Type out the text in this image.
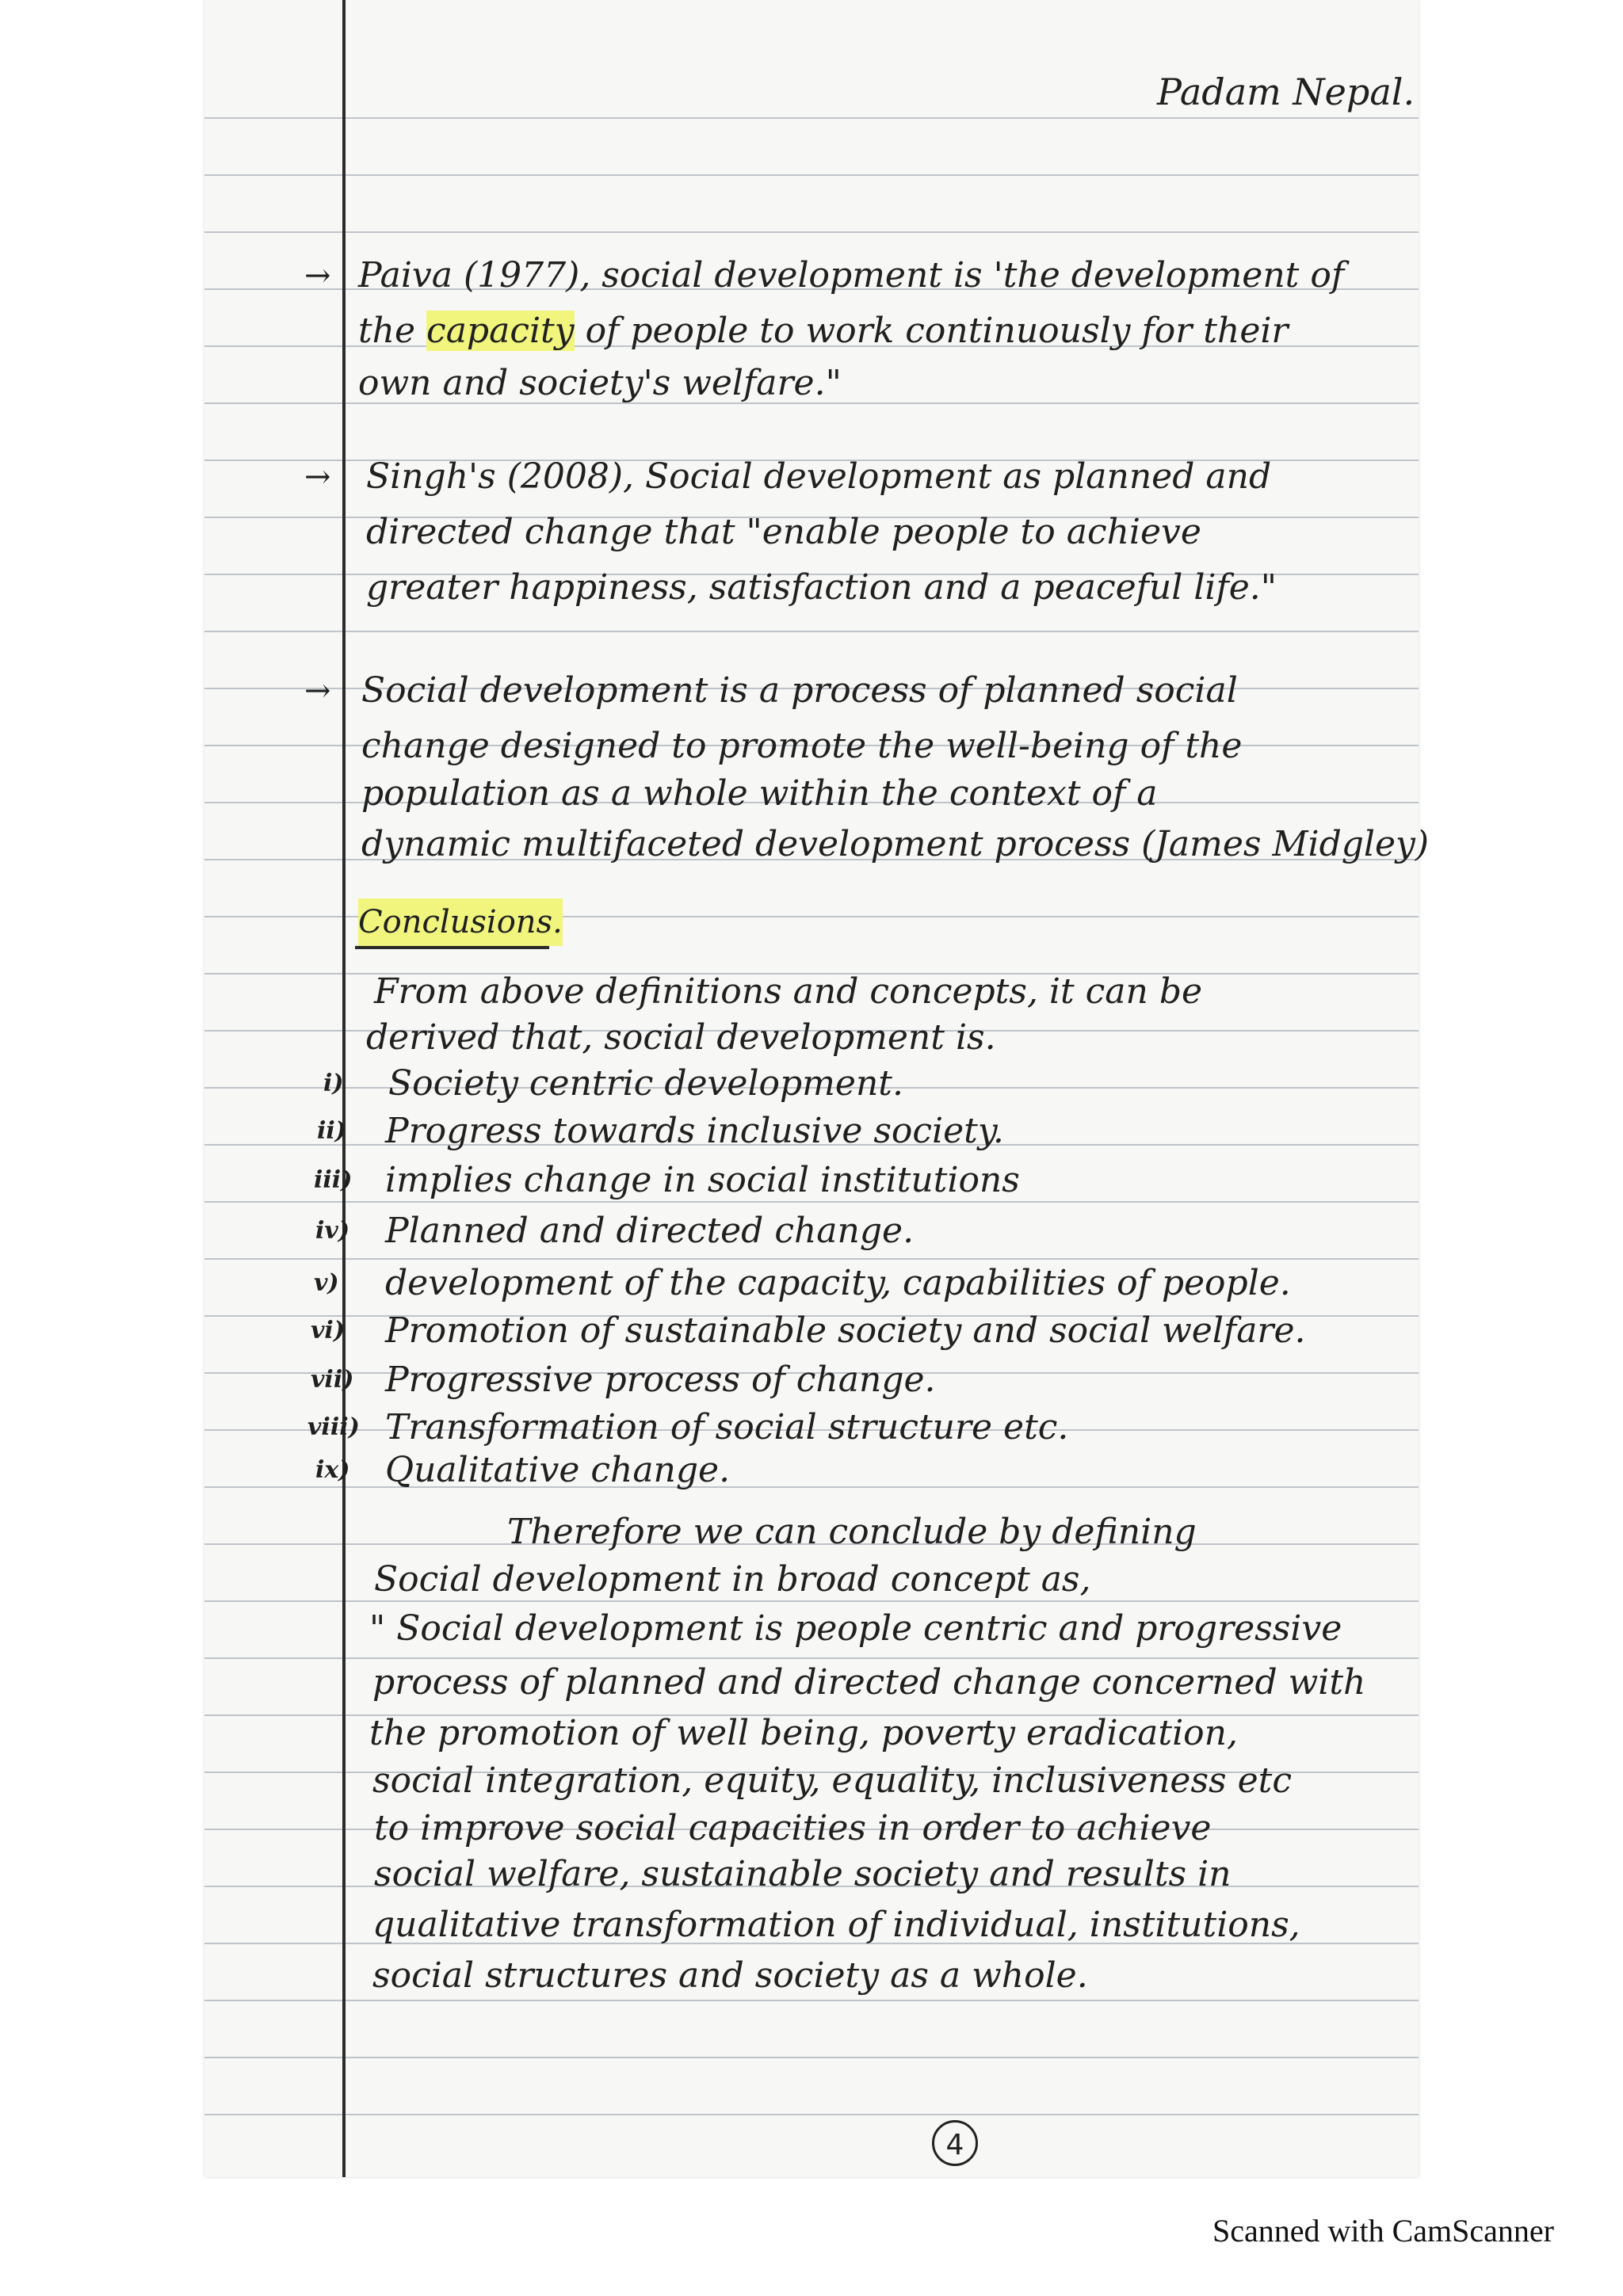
Padam Nepal.
→ Paiva (1977), social development is 'the development of
the capacity of people to work continuously for their
own and society's welfare."
→ Singh's (2008), Social development as planned and
directed change that "enable people to achieve
greater happiness, satisfaction and a peaceful life."
→ Social development is a process of planned social
change designed to promote the well-being of the
population as a whole within the context of a
dynamic multifaceted development process (James Midgley)
Conclusions.
From above definitions and concepts, it can be
derived that, social development is.
i) Society centric development.
ii) Progress towards inclusive society.
iii) implies change in social institutions
iv) Planned and directed change.
v) development of the capacity, capabilities of people.
vi) Promotion of sustainable society and social welfare.
vii) Progressive process of change.
viii) Transformation of social structure etc.
ix) Qualitative change.
Therefore we can conclude by defining
Social development in broad concept as,
" Social development is people centric and progressive
process of planned and directed change concerned with
the promotion of well being, poverty eradication,
social integration, equity, equality, inclusiveness etc
to improve social capacities in order to achieve
social welfare, sustainable society and results in
qualitative transformation of individual, institutions,
social structures and society as a whole.
4
Scanned with CamScanner
